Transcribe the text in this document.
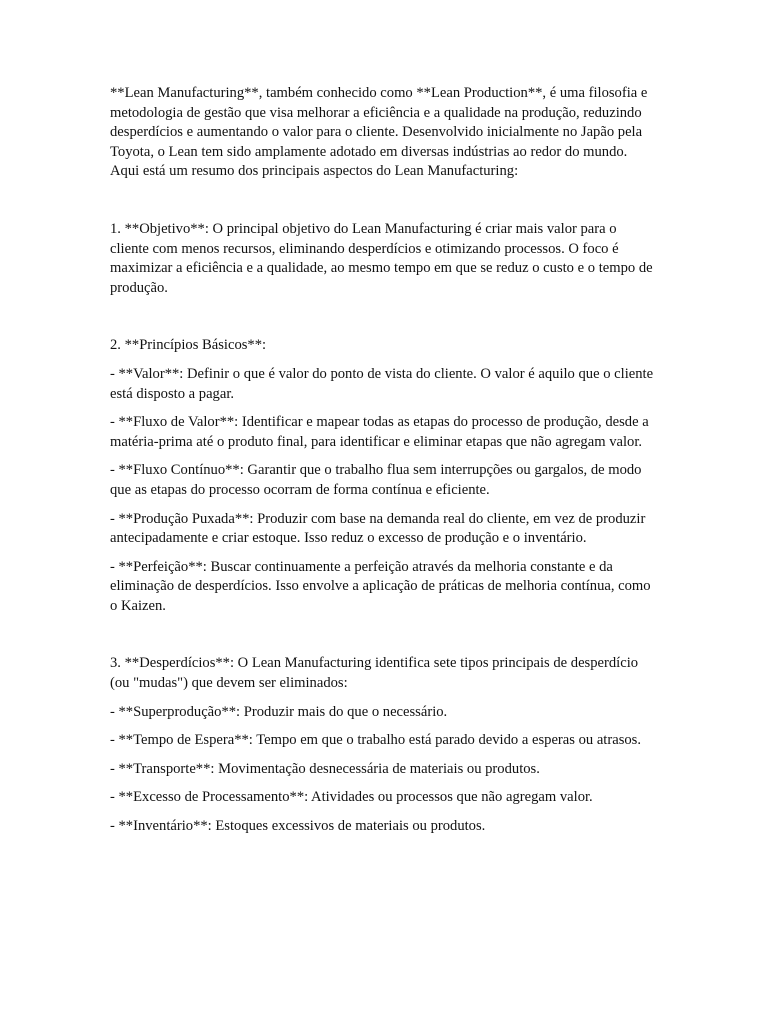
**Lean Manufacturing**, também conhecido como **Lean Production**, é uma filosofia e metodologia de gestão que visa melhorar a eficiência e a qualidade na produção, reduzindo desperdícios e aumentando o valor para o cliente. Desenvolvido inicialmente no Japão pela Toyota, o Lean tem sido amplamente adotado em diversas indústrias ao redor do mundo. Aqui está um resumo dos principais aspectos do Lean Manufacturing:

1. **Objetivo**: O principal objetivo do Lean Manufacturing é criar mais valor para o cliente com menos recursos, eliminando desperdícios e otimizando processos. O foco é maximizar a eficiência e a qualidade, ao mesmo tempo em que se reduz o custo e o tempo de produção.

2. **Princípios Básicos**:

- **Valor**: Definir o que é valor do ponto de vista do cliente. O valor é aquilo que o cliente está disposto a pagar.

- **Fluxo de Valor**: Identificar e mapear todas as etapas do processo de produção, desde a matéria-prima até o produto final, para identificar e eliminar etapas que não agregam valor.

- **Fluxo Contínuo**: Garantir que o trabalho flua sem interrupções ou gargalos, de modo que as etapas do processo ocorram de forma contínua e eficiente.

- **Produção Puxada**: Produzir com base na demanda real do cliente, em vez de produzir antecipadamente e criar estoque. Isso reduz o excesso de produção e o inventário.

- **Perfeição**: Buscar continuamente a perfeição através da melhoria constante e da eliminação de desperdícios. Isso envolve a aplicação de práticas de melhoria contínua, como o Kaizen.

3. **Desperdícios**: O Lean Manufacturing identifica sete tipos principais de desperdício (ou "mudas") que devem ser eliminados:

- **Superprodução**: Produzir mais do que o necessário.

- **Tempo de Espera**: Tempo em que o trabalho está parado devido a esperas ou atrasos.

- **Transporte**: Movimentação desnecessária de materiais ou produtos.

- **Excesso de Processamento**: Atividades ou processos que não agregam valor.

- **Inventário**: Estoques excessivos de materiais ou produtos.
